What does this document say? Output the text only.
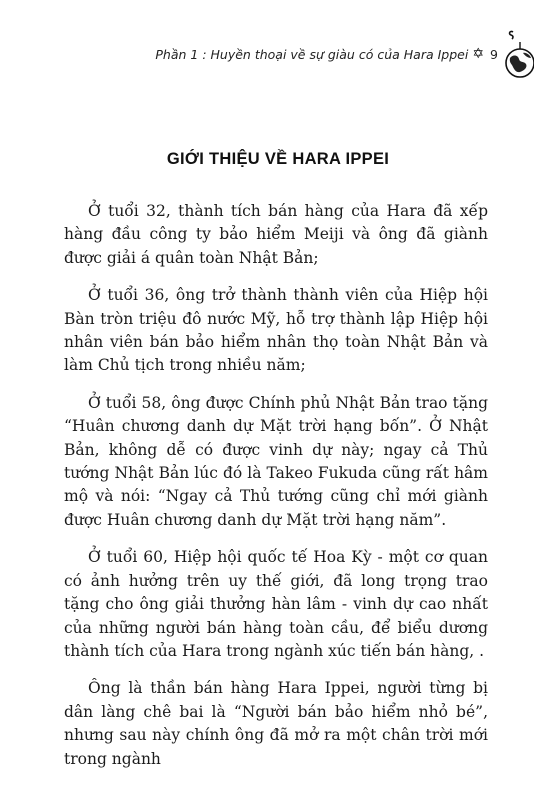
Phần 1 : Huyền thoại về sự giàu có của Hara Ippei ✡ 9
GIỚI THIỆU VỀ HARA IPPEI

Ở tuổi 32, thành tích bán hàng của Hara đã xếp hàng đầu công ty bảo hiểm Meiji và ông đã giành được giải á quân toàn Nhật Bản;

Ở tuổi 36, ông trở thành thành viên của Hiệp hội Bàn tròn triệu đô nước Mỹ, hỗ trợ thành lập Hiệp hội nhân viên bán bảo hiểm nhân thọ toàn Nhật Bản và làm Chủ tịch trong nhiều năm;

Ở tuổi 58, ông được Chính phủ Nhật Bản trao tặng “Huân chương danh dự Mặt trời hạng bốn”. Ở Nhật Bản, không dễ có được vinh dự này; ngay cả Thủ tướng Nhật Bản lúc đó là Takeo Fukuda cũng rất hâm mộ và nói: “Ngay cả Thủ tướng cũng chỉ mới giành được Huân chương danh dự Mặt trời hạng năm”.

Ở tuổi 60, Hiệp hội quốc tế Hoa Kỳ - một cơ quan có ảnh hưởng trên uy thế giới, đã long trọng trao tặng cho ông giải thưởng hàn lâm - vinh dự cao nhất của những người bán hàng toàn cầu, để biểu dương thành tích của Hara trong ngành xúc tiến bán hàng, .

Ông là thần bán hàng Hara Ippei, người từng bị dân làng chê bai là “Người bán bảo hiểm nhỏ bé”, nhưng sau này chính ông đã mở ra một chân trời mới trong ngành
